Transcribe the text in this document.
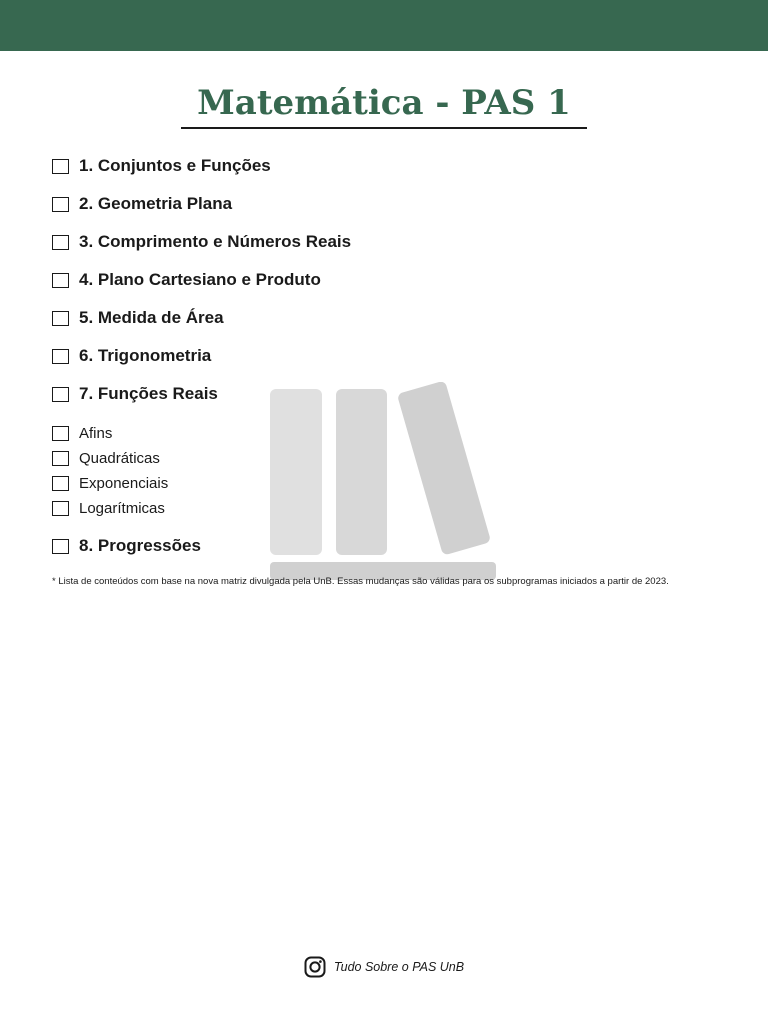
Matemática - PAS 1
1. Conjuntos e Funções
2. Geometria Plana
3. Comprimento e Números Reais
4. Plano Cartesiano e Produto
5. Medida de Área
6. Trigonometria
7. Funções Reais
Afins
Quadráticas
Exponenciais
Logarítmicas
8. Progressões

* Lista de conteúdos com base na nova matriz divulgada pela UnB. Essas mudanças são válidas para os subprogramas iniciados a partir de 2023.

Tudo Sobre o PAS UnB
